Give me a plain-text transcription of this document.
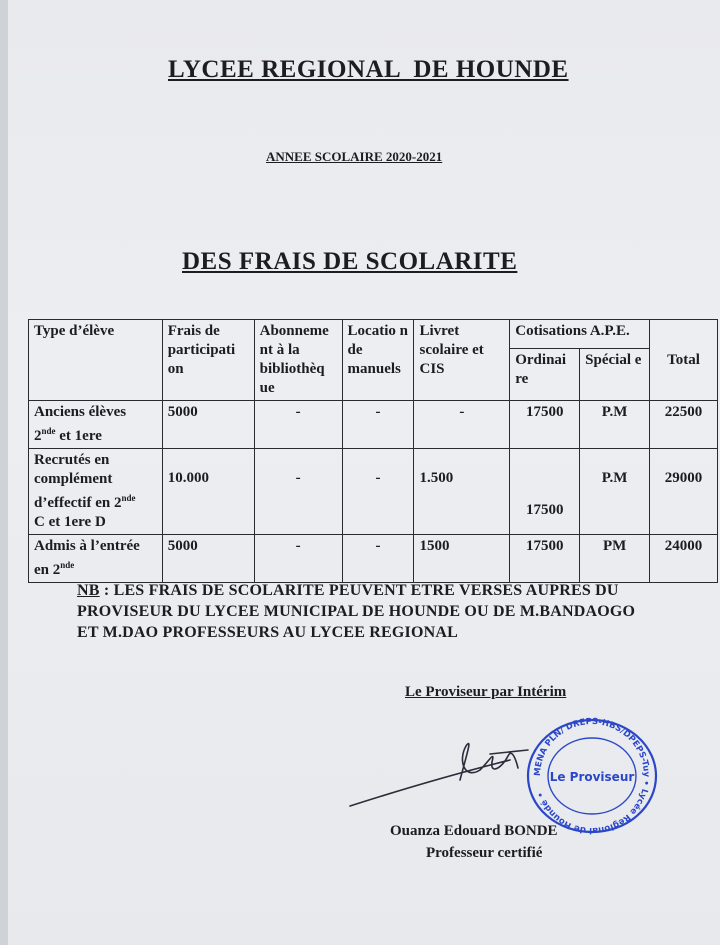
LYCEE REGIONAL  DE HOUNDE
ANNEE SCOLAIRE 2020-2021
DES FRAIS DE SCOLARITE
Type d’élève	Frais de participati on	Abonneme nt à la bibliothèq ue	Locatio n de manuels	Livret scolaire et CIS	Cotisations A.P.E.		Total
					Ordinai re	Spécial e	
Anciens élèves
2nde et 1ere	5000	-	-	-	17500	P.M	22500
Recrutés en complément d’effectif en 2nde
C et 1ere D	10.000	-	-	1.500	17500	P.M	29000
Admis à l’entrée en 2nde	5000	-	-	1500	17500	PM	24000
NB : LES FRAIS DE SCOLARITE PEUVENT ETRE VERSES AUPRES DU PROVISEUR DU LYCEE MUNICIPAL DE HOUNDE OU DE M.BANDAOGO ET M.DAO PROFESSEURS AU LYCEE REGIONAL
Le Proviseur par Intérim
MENA PLN/ DREPS-HBS/DPEPS-Tuy • Lycée Régional de Houndé •
Le Proviseur
Ouanza Edouard BONDE
Professeur certifié
